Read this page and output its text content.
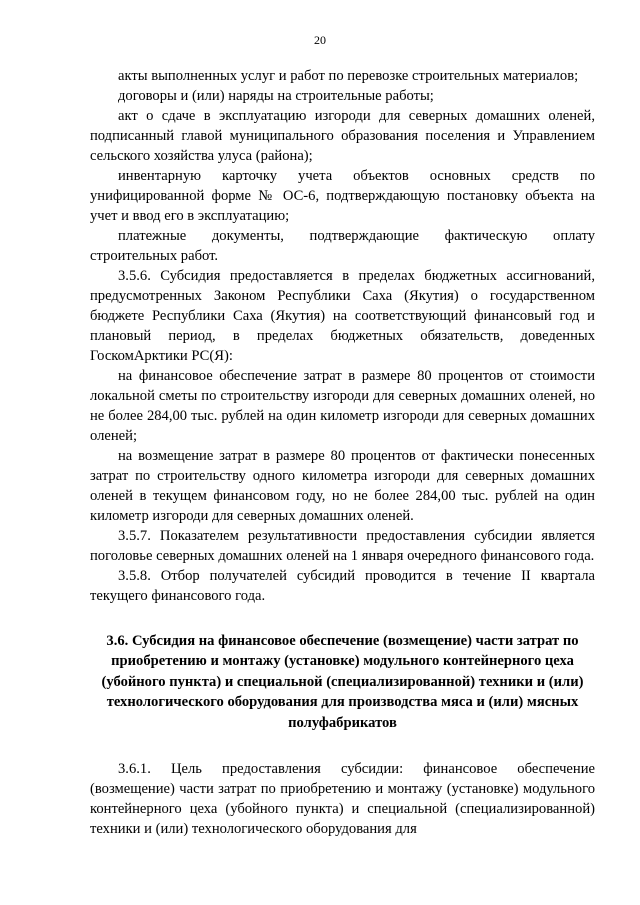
20

акты выполненных услуг и работ по перевозке строительных материалов;

договоры и (или) наряды на строительные работы;

акт о сдаче в эксплуатацию изгороди для северных домашних оленей, подписанный главой муниципального образования поселения и Управлением сельского хозяйства улуса (района);

инвентарную карточку учета объектов основных средств по унифицированной форме № ОС-6, подтверждающую постановку объекта на учет и ввод его в эксплуатацию;

платежные документы, подтверждающие фактическую оплату строительных работ.

3.5.6. Субсидия предоставляется в пределах бюджетных ассигнований, предусмотренных Законом Республики Саха (Якутия) о государственном бюджете Республики Саха (Якутия) на соответствующий финансовый год и плановый период, в пределах бюджетных обязательств, доведенных ГоскомАрктики РС(Я):

на финансовое обеспечение затрат в размере 80 процентов от стоимости локальной сметы по строительству изгороди для северных домашних оленей, но не более 284,00 тыс. рублей на один километр изгороди для северных домашних оленей;

на возмещение затрат в размере 80 процентов от фактически понесенных затрат по строительству одного километра изгороди для северных домашних оленей в текущем финансовом году, но не более 284,00 тыс. рублей на один километр изгороди для северных домашних оленей.

3.5.7. Показателем результативности предоставления субсидии является поголовье северных домашних оленей на 1 января очередного финансового года.

3.5.8. Отбор получателей субсидий проводится в течение II квартала текущего финансового года.

3.6. Субсидия на финансовое обеспечение (возмещение) части затрат по приобретению и монтажу (установке) модульного контейнерного цеха (убойного пункта) и специальной (специализированной) техники и (или) технологического оборудования для производства мяса и (или) мясных полуфабрикатов

3.6.1. Цель предоставления субсидии: финансовое обеспечение (возмещение) части затрат по приобретению и монтажу (установке) модульного контейнерного цеха (убойного пункта) и специальной (специализированной) техники и (или) технологического оборудования для
